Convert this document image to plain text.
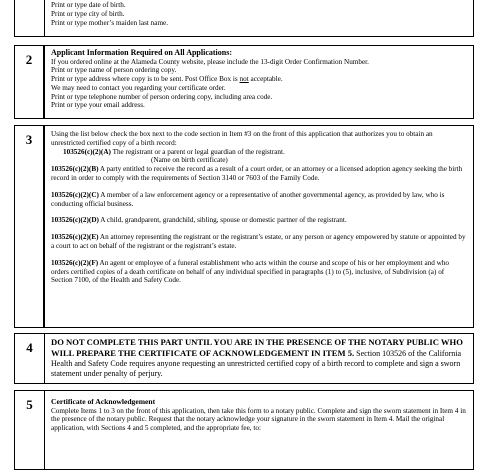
Print or type date of birth.

Print or type city of birth.

Print or type mother’s maiden last name.

2	Applicant Information Required on All Applications:

If you ordered online at the Alameda County website, please include the 13-digit Order Confirmation Number.

Print or type name of person ordering copy.

Print or type address where copy is to be sent. Post Office Box is not acceptable.

We may need to contact you regarding your certificate order.

Print or type telephone number of person ordering copy, including area code.

Print or type your email address.

3	Using the list below check the box next to the code section in Item #3 on the front of this application that authorizes you to obtain an unrestricted certified copy of a birth record:

103526(c)(2)(A) The registrant or a parent or legal guardian of the registrant.

(Name on birth certificate)

103526(c)(2)(B) A party entitled to receive the record as a result of a court order, or an attorney or a licensed adoption agency seeking the birth record in order to comply with the requirements of Section 3140 or 7603 of the Family Code.

103526(c)(2)(C) A member of a law enforcement agency or a representative of another governmental agency, as provided by law, who is conducting official business.

103526(c)(2)(D) A child, grandparent, grandchild, sibling, spouse or domestic partner of the registrant.

103526(c)(2)(E) An attorney representing the registrant or the registrant’s estate, or any person or agency empowered by statute or appointed by a court to act on behalf of the registrant or the registrant’s estate.

103526(c)(2)(F) An agent or employee of a funeral establishment who acts within the course and scope of his or her employment and who orders certified copies of a death certificate on behalf of any individual specified in paragraphs (1) to (5), inclusive, of Subdivision (a) of Section 7100, of the Health and Safety Code.

4	DO NOT COMPLETE THIS PART UNTIL YOU ARE IN THE PRESENCE OF THE NOTARY PUBLIC WHO WILL PREPARE THE CERTIFICATE OF ACKNOWLEDGEMENT IN ITEM 5. Section 103526 of the California Health and Safety Code requires anyone requesting an unrestricted certified copy of a birth record to complete and sign a sworn statement under penalty of perjury.

5	Certificate of Acknowledgement

Complete Items 1 to 3 on the front of this application, then take this form to a notary public. Complete and sign the sworn statement in Item 4 in the presence of the notary public. Request that the notary acknowledge your signature in the sworn statement in Item 4. Mail the original application, with Sections 4 and 5 completed, and the appropriate fee, to:
